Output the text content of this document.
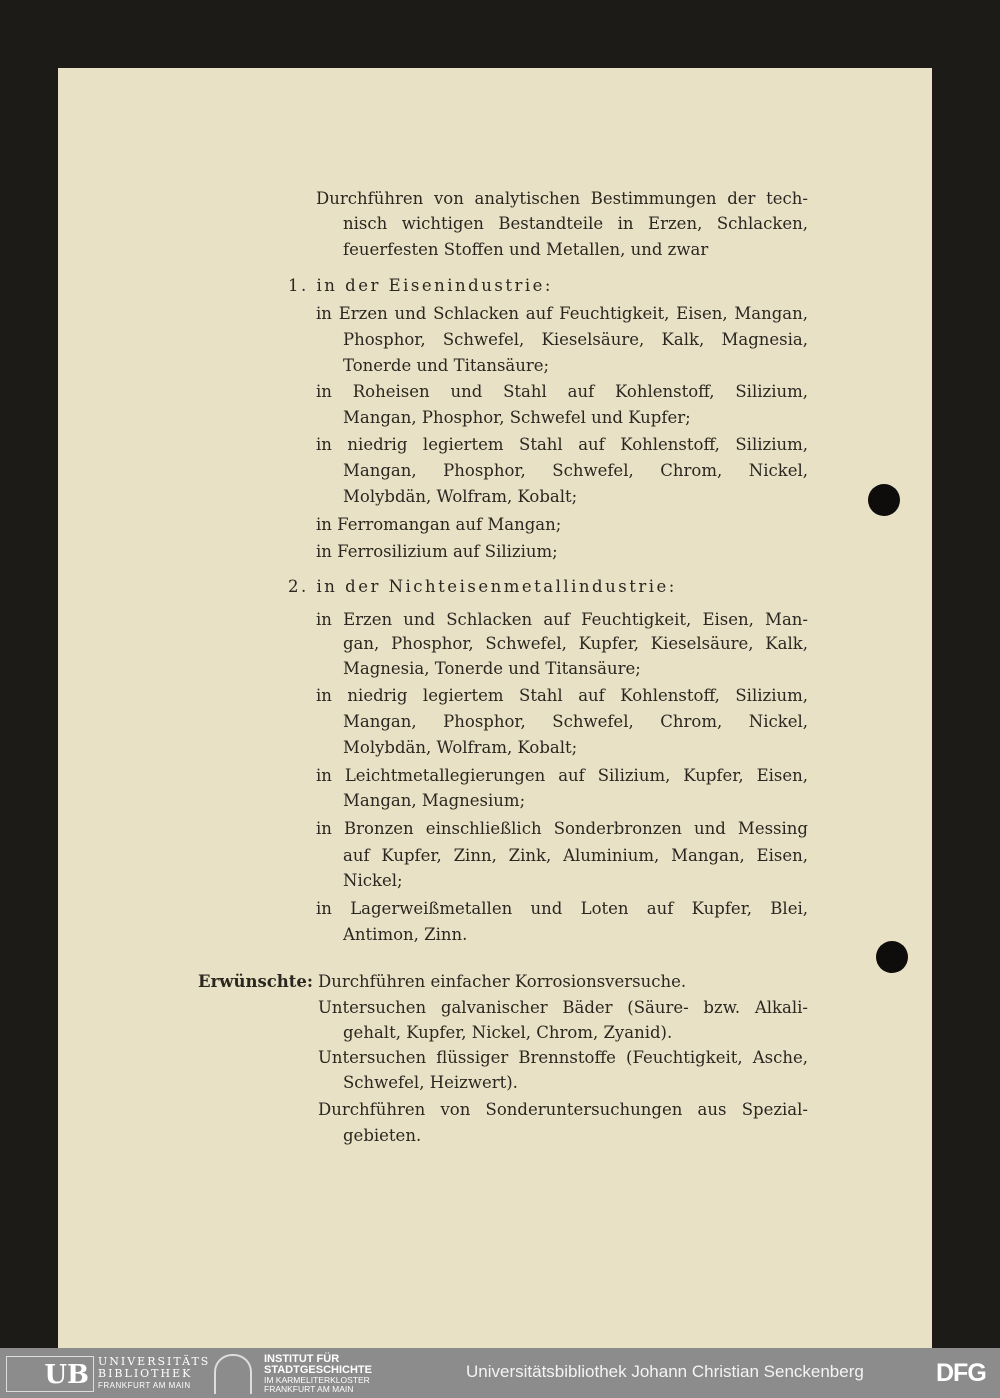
Durchführen von analytischen Bestimmungen der tech-
nisch wichtigen Bestandteile in Erzen, Schlacken,
feuerfesten Stoffen und Metallen, und zwar
1. in der Eisenindustrie:
in Erzen und Schlacken auf Feuchtigkeit, Eisen, Mangan,
Phosphor, Schwefel, Kieselsäure, Kalk, Magnesia,
Tonerde und Titansäure;
in Roheisen und Stahl auf Kohlenstoff, Silizium,
Mangan, Phosphor, Schwefel und Kupfer;
in niedrig legiertem Stahl auf Kohlenstoff, Silizium,
Mangan, Phosphor, Schwefel, Chrom, Nickel,
Molybdän, Wolfram, Kobalt;
in Ferromangan auf Mangan;
in Ferrosilizium auf Silizium;
2. in der Nichteisenmetallindustrie:
in Erzen und Schlacken auf Feuchtigkeit, Eisen, Man-
gan, Phosphor, Schwefel, Kupfer, Kieselsäure, Kalk,
Magnesia, Tonerde und Titansäure;
in niedrig legiertem Stahl auf Kohlenstoff, Silizium,
Mangan, Phosphor, Schwefel, Chrom, Nickel,
Molybdän, Wolfram, Kobalt;
in Leichtmetallegierungen auf Silizium, Kupfer, Eisen,
Mangan, Magnesium;
in Bronzen einschließlich Sonderbronzen und Messing
auf Kupfer, Zinn, Zink, Aluminium, Mangan, Eisen,
Nickel;
in Lagerweißmetallen und Loten auf Kupfer, Blei,
Antimon, Zinn.
Erwünschte: Durchführen einfacher Korrosionsversuche.
Untersuchen galvanischer Bäder (Säure- bzw. Alkali-
gehalt, Kupfer, Nickel, Chrom, Zyanid).
Untersuchen flüssiger Brennstoffe (Feuchtigkeit, Asche,
Schwefel, Heizwert).
Durchführen von Sonderuntersuchungen aus Spezial-
gebieten.
UB UNIVERSITÄTS
BIBLIOTHEK
FRANKFURT AM MAIN
INSTITUT FÜR
STADTGESCHICHTE
IM KARMELITERKLOSTER
FRANKFURT AM MAIN
Universitätsbibliothek Johann Christian Senckenberg	DFG
